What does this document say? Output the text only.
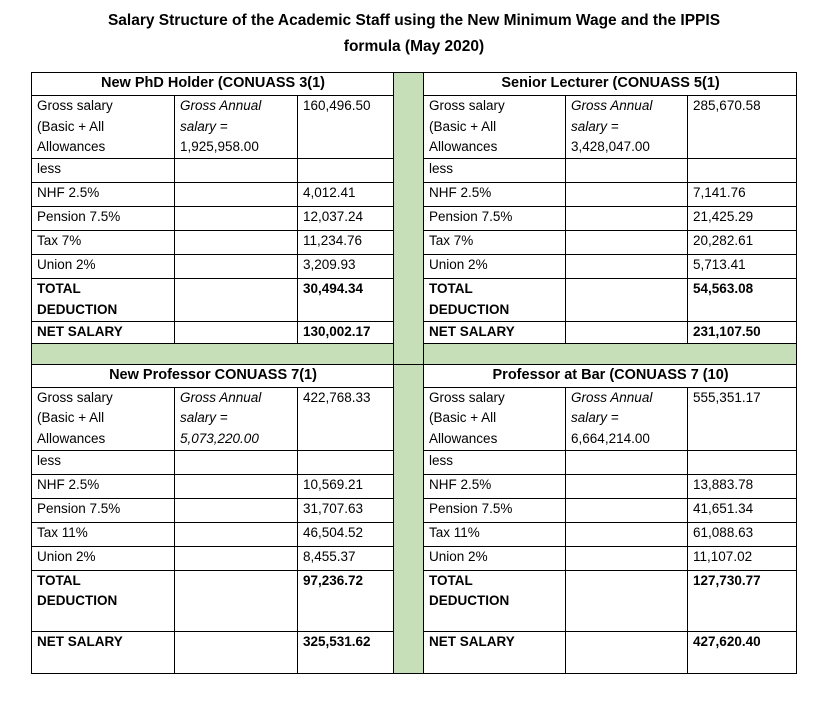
Salary Structure of the Academic Staff using the New Minimum Wage and the IPPIS
formula (May 2020)
New PhD Holder (CONUASS 3(1)				Senior Lecturer (CONUASS 5(1)		

Gross salary
(Basic + All
Allowances	Gross Annual
salary =
1,925,958.00	160,496.50		Gross salary
(Basic + All
Allowances	Gross Annual
salary =
3,428,047.00	285,670.58
less				less		
NHF 2.5%		4,012.41		NHF 2.5%		7,141.76
Pension 7.5%		12,037.24		Pension 7.5%		21,425.29
Tax 7%		11,234.76		Tax 7%		20,282.61
Union 2%		3,209.93		Union 2%		5,713.41

TOTAL
DEDUCTION		30,494.34		TOTAL
DEDUCTION		54,563.08
NET SALARY		130,002.17		NET SALARY		231,107.50

New Professor CONUASS 7(1)				Professor at Bar (CONUASS 7 (10)		

Gross salary
(Basic + All
Allowances	Gross Annual
salary =
5,073,220.00	422,768.33		Gross salary
(Basic + All
Allowances	Gross Annual
salary =
6,664,214.00	555,351.17
less				less		
NHF 2.5%		10,569.21		NHF 2.5%		13,883.78
Pension 7.5%		31,707.63		Pension 7.5%		41,651.34
Tax 11%		46,504.52		Tax 11%		61,088.63
Union 2%		8,455.37		Union 2%		11,107.02

TOTAL
DEDUCTION		97,236.72		TOTAL
DEDUCTION		127,730.77
NET SALARY		325,531.62		NET SALARY		427,620.40
